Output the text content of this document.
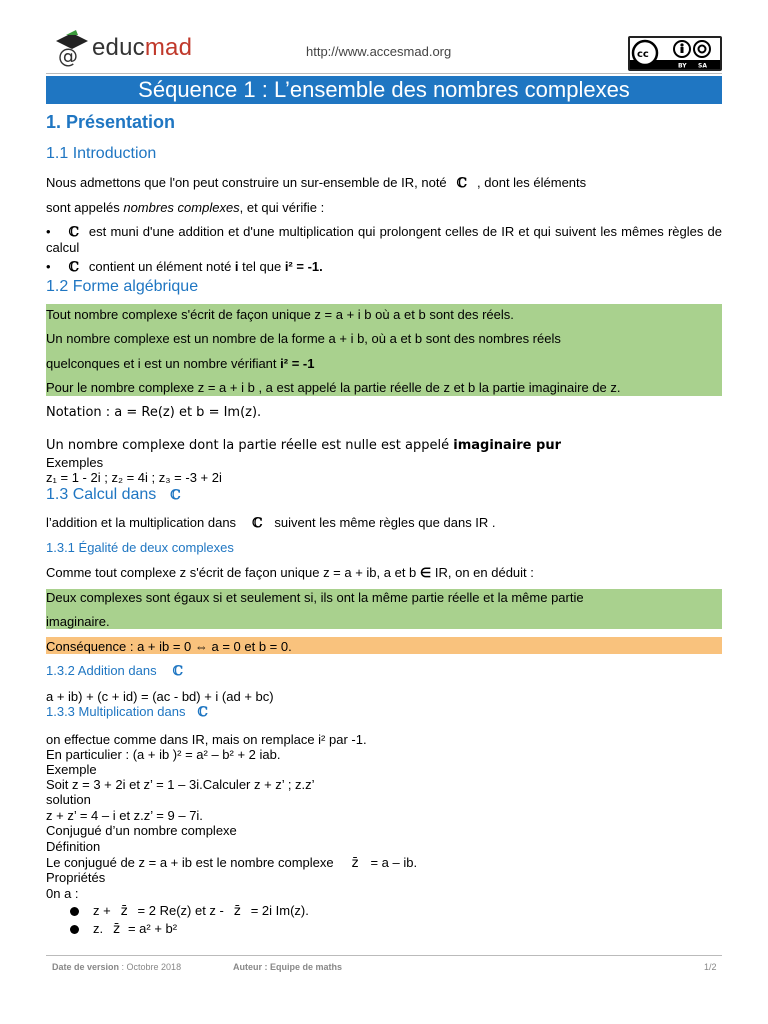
@ educmad	http://www.accesmad.org	cc
BY SA
Séquence 1 : L’ensemble des nombres complexes
1. Présentation
1.1 Introduction
Nous admettons que l'on peut construire un sur-ensemble de IR, noté ℂ , dont les éléments
sont appelés nombres complexes, et qui vérifie :
• ℂ est muni d'une addition et d'une multiplication qui prolongent celles de IR et qui suivent les mêmes règles de calcul
• ℂ contient un élément noté i tel que i² = -1.
1.2 Forme algébrique
Tout nombre complexe s'écrit de façon unique z = a + i b où a et b sont des réels.
Un nombre complexe est un nombre de la forme a + i b, où a et b sont des nombres réels
quelconques et i est un nombre vérifiant i² = -1
Pour le nombre complexe z = a + i b , a est appelé la partie réelle de z et b la partie imaginaire de z.
Notation : a = Re(z) et b = Im(z).
Un nombre complexe dont la partie réelle est nulle est appelé imaginaire pur
Exemples
z₁ = 1 - 2i ; z₂ = 4i ; z₃ = -3 + 2i
1.3 Calcul dans ℂ
l’addition et la multiplication dans ℂ suivent les même règles que dans IR .
1.3.1 Égalité de deux complexes
Comme tout complexe z s'écrit de façon unique z = a + ib, a et b ∈ IR, on en déduit :
Deux complexes sont égaux si et seulement si, ils ont la même partie réelle et la même partie
imaginaire.
Conséquence : a + ib = 0 ⇔ a = 0 et b = 0.
1.3.2 Addition dans ℂ
a + ib) + (c + id) = (ac - bd) + i (ad + bc)
1.3.3 Multiplication dans ℂ
on effectue comme dans IR, mais on remplace i² par -1.
En particulier : (a + ib )² = a² – b² + 2 iab.
Exemple
Soit z = 3 + 2i et z’ = 1 – 3i.Calculer z + z’ ; z.z’
solution
z + z’ = 4 – i et z.z’ = 9 – 7i.
Conjugué d’un nombre complexe
Définition
Le conjugué de z = a + ib est le nombre complexe z̄ = a – ib.
Propriétés
0n a :
z + z̄ = 2 Re(z) et z - z̄ = 2i Im(z).
z. z̄ = a² + b²
Date de version : Octobre 2018	Auteur : Equipe de maths	1/2
